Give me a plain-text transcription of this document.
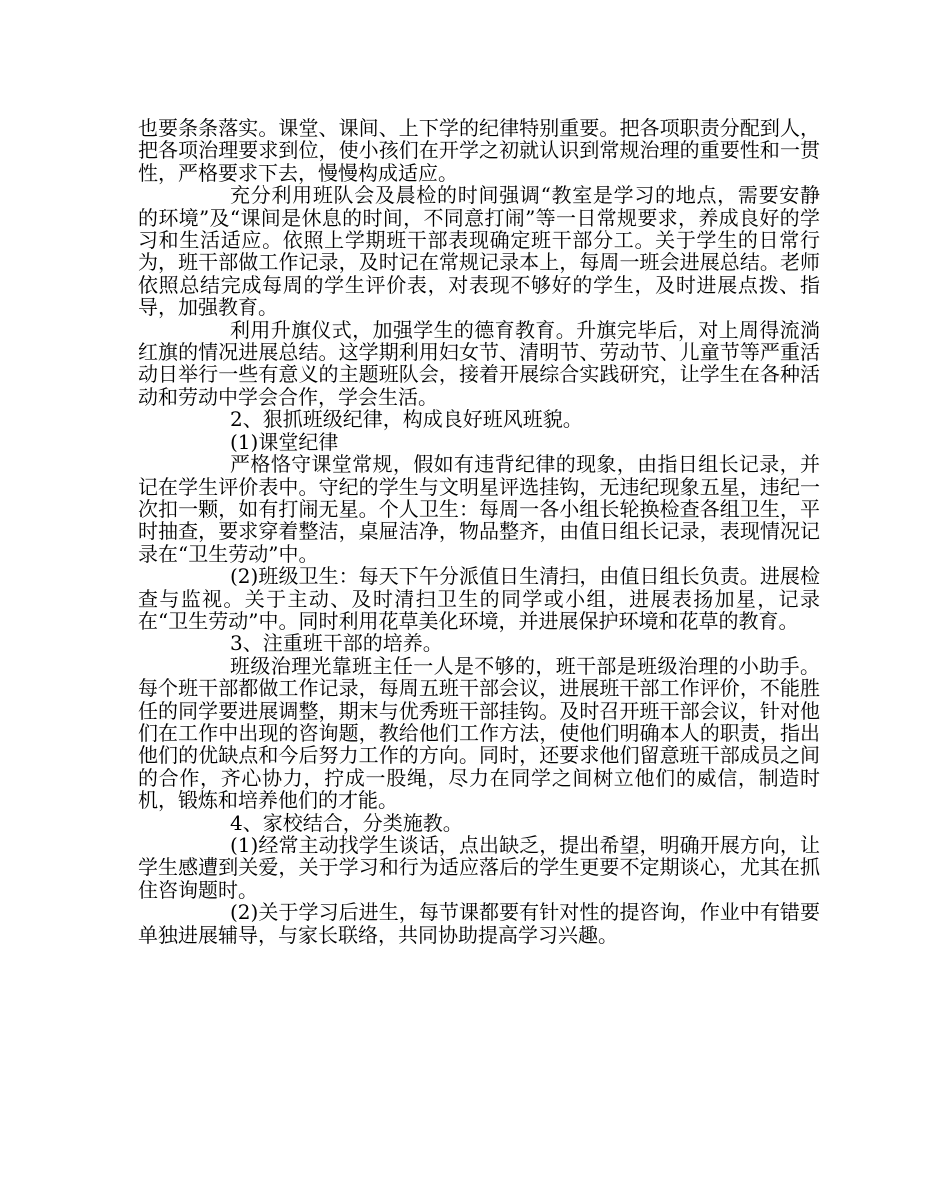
也要条条落实。课堂、课间、上下学的纪律特别重要。把各项职责分配到人，把各项治理要求到位，使小孩们在开学之初就认识到常规治理的重要性和一贯性，严格要求下去，慢慢构成适应。

充分利用班队会及晨检的时间强调“教室是学习的地点，需要安静的环境”及“课间是休息的时间，不同意打闹”等一日常规要求，养成良好的学习和生活适应。依照上学期班干部表现确定班干部分工。关于学生的日常行为，班干部做工作记录，及时记在常规记录本上，每周一班会进展总结。老师依照总结完成每周的学生评价表，对表现不够好的学生，及时进展点拨、指导，加强教育。

利用升旗仪式，加强学生的德育教育。升旗完毕后，对上周得流淌红旗的情况进展总结。这学期利用妇女节、清明节、劳动节、儿童节等严重活动日举行一些有意义的主题班队会，接着开展综合实践研究，让学生在各种活动和劳动中学会合作，学会生活。

2、狠抓班级纪律，构成良好班风班貌。

(1)课堂纪律

严格恪守课堂常规，假如有违背纪律的现象，由指日组长记录，并记在学生评价表中。守纪的学生与文明星评选挂钩，无违纪现象五星，违纪一次扣一颗，如有打闹无星。个人卫生：每周一各小组长轮换检查各组卫生，平时抽查，要求穿着整洁，桌屉洁净，物品整齐，由值日组长记录，表现情况记录在“卫生劳动”中。

(2)班级卫生：每天下午分派值日生清扫，由值日组长负责。进展检查与监视。关于主动、及时清扫卫生的同学或小组，进展表扬加星，记录在“卫生劳动”中。同时利用花草美化环境，并进展保护环境和花草的教育。

3、注重班干部的培养。

班级治理光靠班主任一人是不够的，班干部是班级治理的小助手。每个班干部都做工作记录，每周五班干部会议，进展班干部工作评价，不能胜任的同学要进展调整，期末与优秀班干部挂钩。及时召开班干部会议，针对他们在工作中出现的咨询题，教给他们工作方法，使他们明确本人的职责，指出他们的优缺点和今后努力工作的方向。同时，还要求他们留意班干部成员之间的合作，齐心协力，拧成一股绳，尽力在同学之间树立他们的威信，制造时机，锻炼和培养他们的才能。

4、家校结合，分类施教。

(1)经常主动找学生谈话，点出缺乏，提出希望，明确开展方向，让学生感遭到关爱，关于学习和行为适应落后的学生更要不定期谈心，尤其在抓住咨询题时。

(2)关于学习后进生，每节课都要有针对性的提咨询，作业中有错要单独进展辅导，与家长联络，共同协助提高学习兴趣。
